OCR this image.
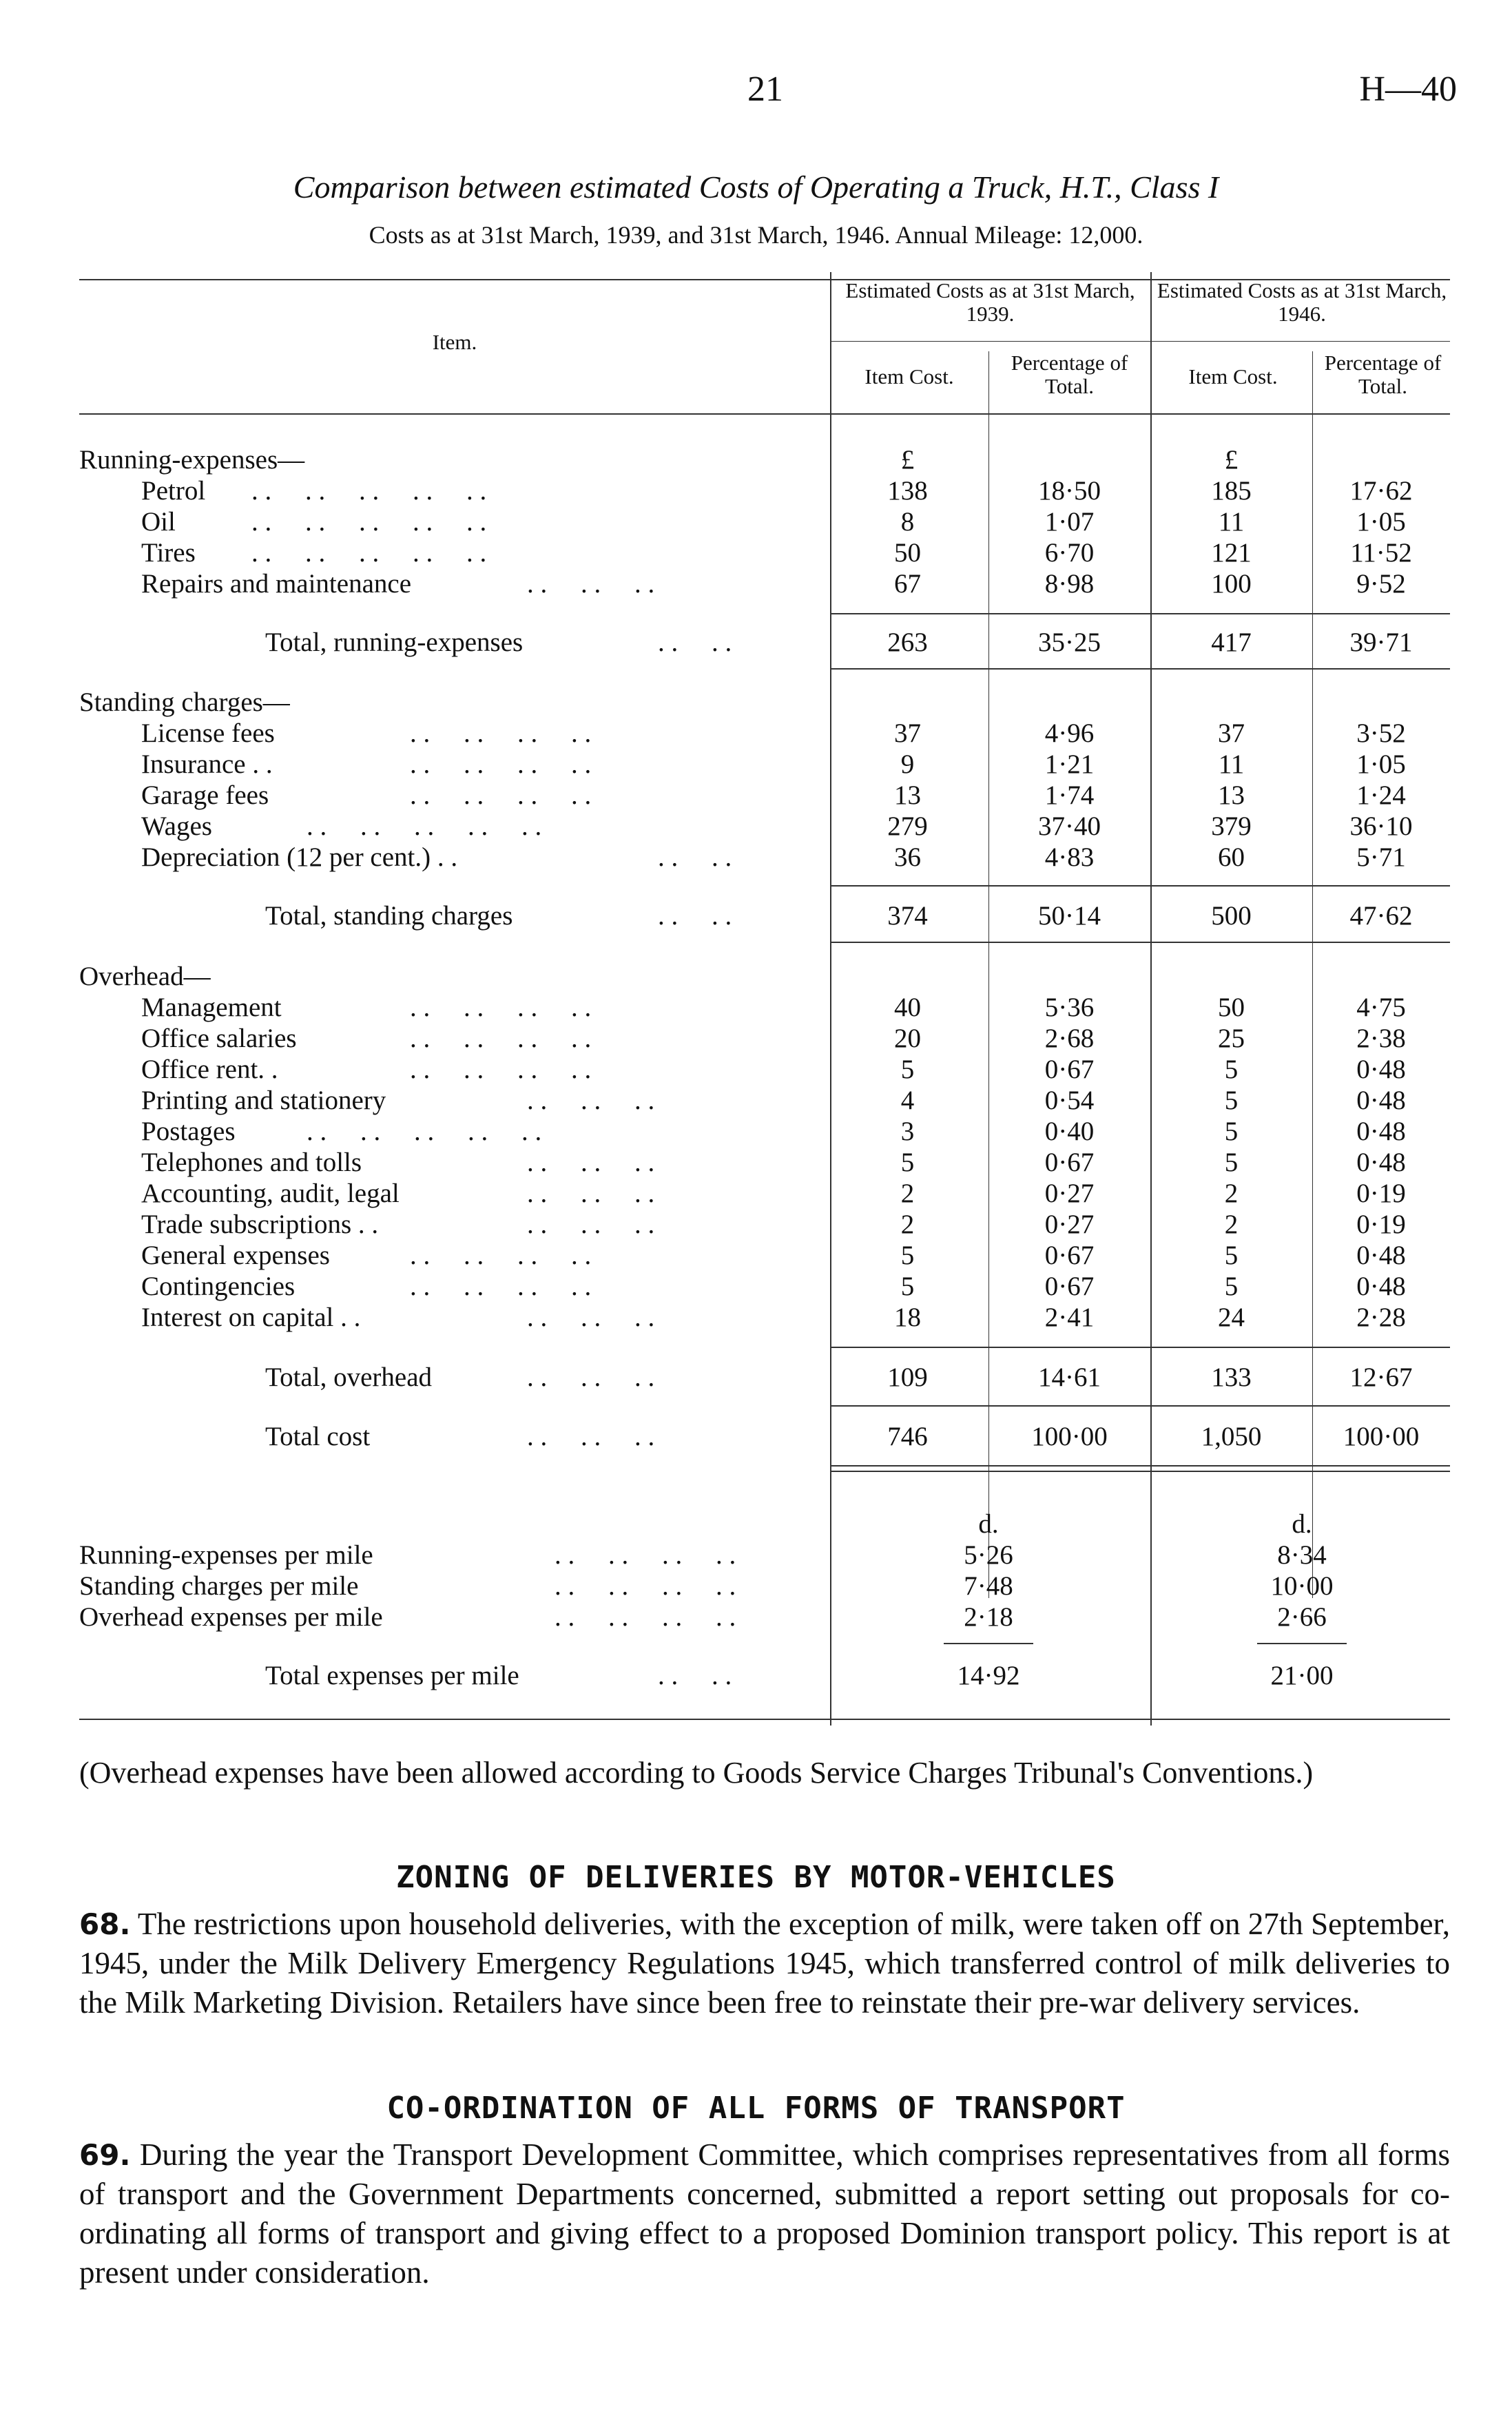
21	H—40
Comparison between estimated Costs of Operating a Truck, H.T., Class I
Costs as at 31st March, 1939, and 31st March, 1946. Annual Mileage: 12,000.
Item.
Estimated Costs as at 31st March, 1939.
Estimated Costs as at 31st March, 1946.
Item Cost.
Percentage of Total.	Item Cost.
Percentage of Total.
Running-expenses—	£	£
Petrol . .     . .     . .     . .     . .	138	18·50	185	17·62
Oil	. .     . .     . .     . .     . .	8	1·07	11	1·05
Tires . .     . .     . .     . .     . .	50	6·70	121	11·52
Repairs and maintenance	. .     . .     . .	67	8·98	100	9·52
Total, running-expenses	. .     . .	263	35·25	417	39·71
Standing charges—
License fees	. .     . .     . .     . .	37	4·96	37	3·52
Insurance . .	. .     . .     . .     . .	9	1·21	11	1·05
Garage fees	. .     . .     . .     . .	13	1·74	13	1·24
Wages	. .     . .     . .     . .     . .	279	37·40	379	36·10
Depreciation (12 per cent.) . .	. .     . .	36	4·83	60	5·71
Total, standing charges	. .     . .	374	50·14	500	47·62
Overhead—
Management	. .     . .     . .     . .	40	5·36	50	4·75
Office salaries	. .     . .     . .     . .	20	2·68	25	2·38
Office rent. .	. .     . .     . .     . .	5	0·67	5	0·48
Printing and stationery	. .     . .     . .	4	0·54	5	0·48
Postages	. .     . .     . .     . .     . .	3	0·40	5	0·48
Telephones and tolls	. .     . .     . .	5	0·67	5	0·48
Accounting, audit, legal	. .     . .     . .	2	0·27	2	0·19
Trade subscriptions . .	. .     . .     . .	2	0·27	2	0·19
General expenses	. .     . .     . .     . .	5	0·67	5	0·48
Contingencies	. .     . .     . .     . .	5	0·67	5	0·48
Interest on capital . .	. .     . .     . .	18	2·41	24	2·28
Total, overhead	. .     . .     . .	109	14·61	133	12·67
Total cost	. .     . .     . .	746	100·00	1,050	100·00
d.	d.
Running-expenses per mile	. .     . .     . .     . .	5·26	8·34
Standing charges per mile	. .     . .     . .     . .	7·48	10·00
Overhead expenses per mile	. .     . .     . .     . .	2·18	2·66
Total expenses per mile	. .     . .	14·92	21·00
(Overhead expenses have been allowed according to Goods Service Charges Tribunal's Conventions.)
ZONING OF DELIVERIES BY MOTOR-VEHICLES
68. The restrictions upon household deliveries, with the exception of milk, were taken off on 27th September, 1945, under the Milk Delivery Emergency Regulations 1945, which transferred control of milk deliveries to the Milk Marketing Division. Retailers have since been free to reinstate their pre-war delivery services.
CO-ORDINATION OF ALL FORMS OF TRANSPORT
69. During the year the Transport Development Committee, which comprises representatives from all forms of transport and the Government Departments concerned, submitted a report setting out proposals for co-ordinating all forms of transport and giving effect to a proposed Dominion transport policy. This report is at present under consideration.
